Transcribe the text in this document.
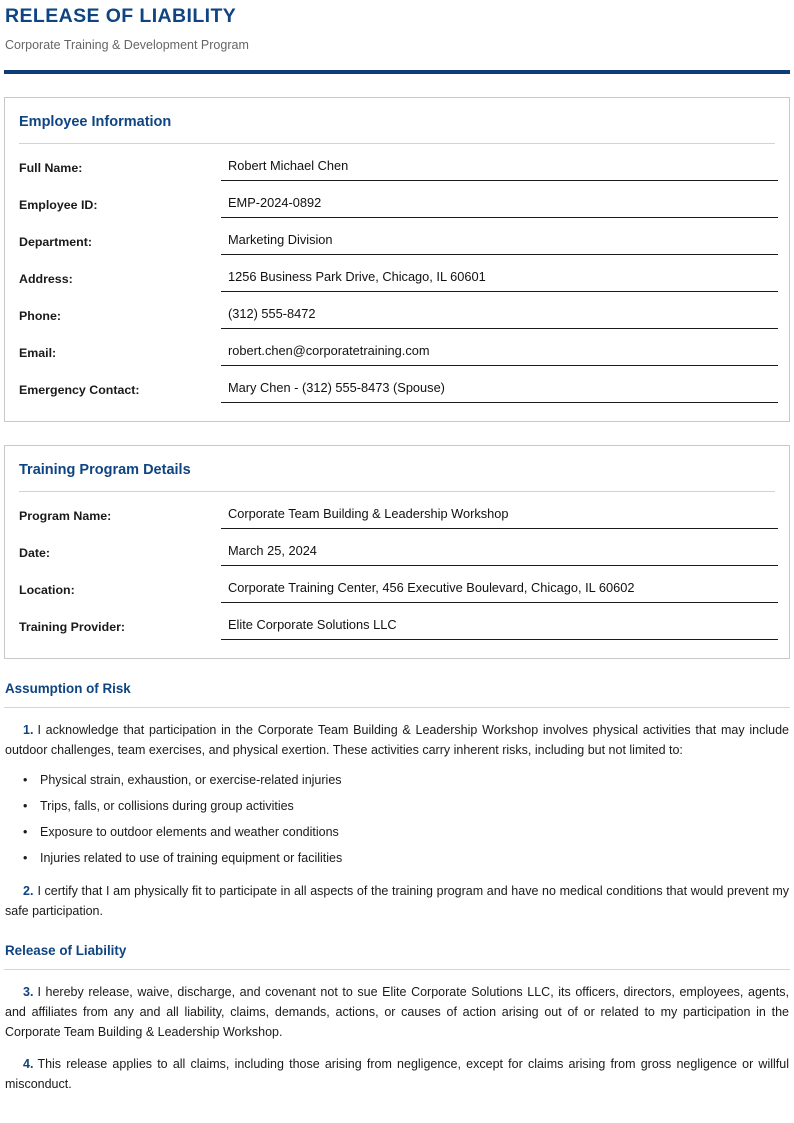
RELEASE OF LIABILITY

Corporate Training & Development Program

Employee Information
Full Name:	Robert Michael Chen
Employee ID:	EMP-2024-0892
Department:	Marketing Division
Address:	1256 Business Park Drive, Chicago, IL 60601
Phone:	(312) 555-8472
Email:	robert.chen@corporatetraining.com
Emergency Contact:	Mary Chen - (312) 555-8473 (Spouse)
Training Program Details
Program Name:	Corporate Team Building & Leadership Workshop
Date:	March 25, 2024
Location:	Corporate Training Center, 456 Executive Boulevard, Chicago, IL 60602
Training Provider:	Elite Corporate Solutions LLC
Assumption of Risk

1. I acknowledge that participation in the Corporate Team Building & Leadership Workshop involves physical activities that may include outdoor challenges, team exercises, and physical exertion. These activities carry inherent risks, including but not limited to:

• Physical strain, exhaustion, or exercise-related injuries
• Trips, falls, or collisions during group activities
• Exposure to outdoor elements and weather conditions
• Injuries related to use of training equipment or facilities

2. I certify that I am physically fit to participate in all aspects of the training program and have no medical conditions that would prevent my safe participation.

Release of Liability

3. I hereby release, waive, discharge, and covenant not to sue Elite Corporate Solutions LLC, its officers, directors, employees, agents, and affiliates from any and all liability, claims, demands, actions, or causes of action arising out of or related to my participation in the Corporate Team Building & Leadership Workshop.

4. This release applies to all claims, including those arising from negligence, except for claims arising from gross negligence or willful misconduct.
